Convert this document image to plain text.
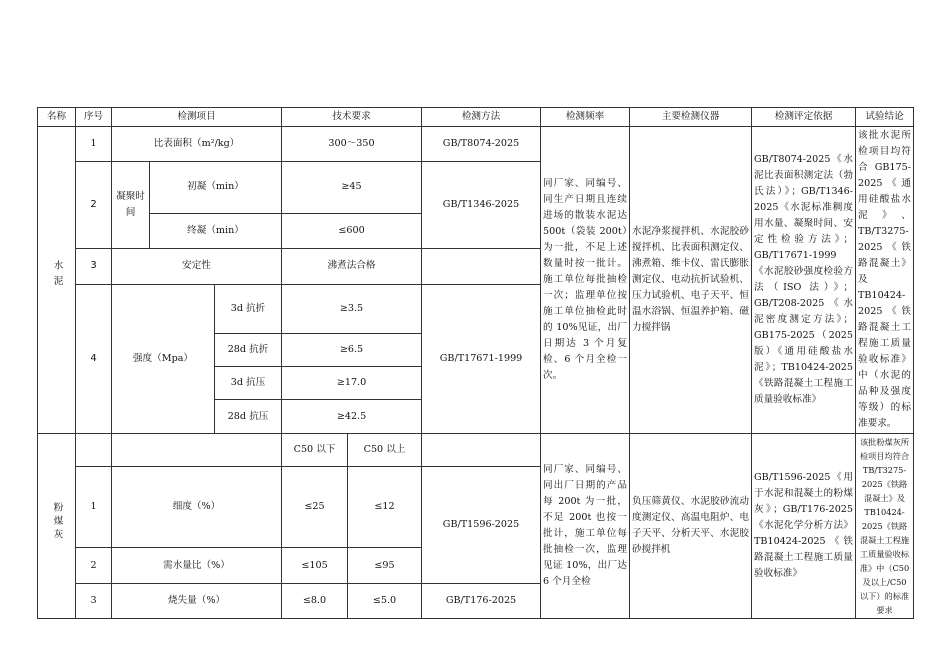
名称	序号	检测项目			技术要求		检测方法	检测频率	主要检测仪器	检测评定依据	试验结论
水泥	1	比表面积（m²/kg）			300～350		GB/T8074-2025	同厂家、同编号、同生产日期且连续进场的散装水泥达 500t（袋装 200t）为一批，不足上述数量时按一批计。施工单位每批抽检一次；监理单位按施工单位抽检此时的 10%见证，出厂日期达 3 个月复检、6 个月全检一次。	水泥净浆搅拌机、水泥胶砂搅拌机、比表面积测定仪、沸煮箱、维卡仪、雷氏膨胀测定仪、电动抗折试验机、压力试验机、电子天平、恒温水浴锅、恒温养护箱、磁力搅拌锅	GB/T8074-2025《水泥比表面积测定法（勃氏法）》；GB/T1346-2025《水泥标准稠度用水量、凝聚时间、安定性检验方法》；GB/T17671-1999《水泥胶砂强度检验方法（ISO 法）》；GB/T208-2025《水泥密度测定方法》；GB175-2025（2025版）《通用硅酸盐水泥》；TB10424-2025《铁路混凝土工程施工质量验收标准》	该批水泥所检项目均符合 GB175-2025《通用硅酸盐水泥》、TB/T3275-2025《铁路混凝土》及 TB10424-2025《铁路混凝土工程施工质量验收标准》中（水泥的品种及强度等级）的标准要求。	
	2	凝聚时间	初凝（min）		≥45		GB/T1346-2025					
			终凝（min）		≤600							
	3	安定性			沸煮法合格							
	4	强度（Mpa）		3d 抗折	≥3.5		GB/T17671-1999					
				28d 抗折	≥6.5							
				3d 抗压	≥17.0							
				28d 抗压	≥42.5							
粉煤灰					C50 以下	C50 以上		同厂家、同编号、同出厂日期的产品每 200t 为一批，不足 200t 也按一批计，施工单位每批抽检一次，监理见证 10%，出厂达 6 个月全检	负压筛黄仪、水泥胶砂流动度测定仪、高温电阻炉、电子天平、分析天平、水泥胶砂搅拌机	GB/T1596-2025《用于水泥和混凝土的粉煤灰》；GB/T176-2025《水泥化学分析方法》TB10424-2025《铁路混凝土工程施工质量验收标准》	该批粉煤灰所检项目均符合 TB/T3275-2025《铁路混凝土》及 TB10424-2025《铁路混凝土工程施工质量验收标准》中（C50 及以上/C50 以下）的标准要求	
	1	细度（%）			≤25	≤12	GB/T1596-2025					
	2	需水量比（%）			≤105	≤95						
	3	烧失量（%）			≤8.0	≤5.0	GB/T176-2025					
